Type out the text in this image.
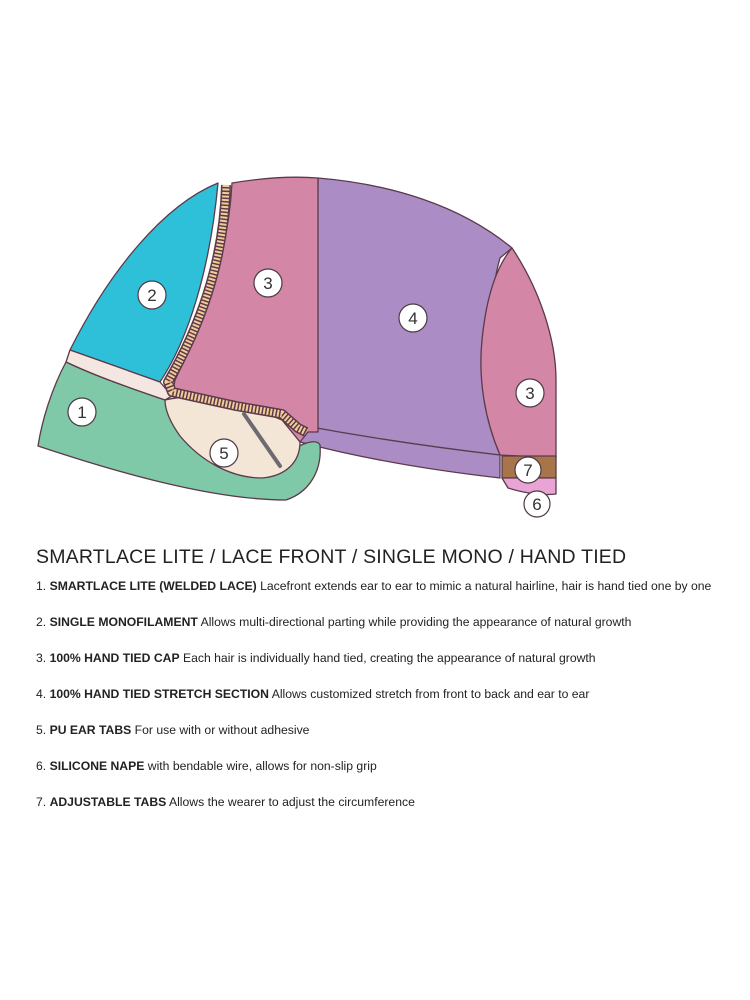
1
2
3
4
3
5
7
6
SMARTLACE LITE / LACE FRONT / SINGLE MONO / HAND TIED
1. SMARTLACE LITE (WELDED LACE) Lacefront extends ear to ear to mimic a natural hairline, hair is hand tied one by one
2. SINGLE MONOFILAMENT Allows multi-directional parting while providing the appearance of natural growth
3. 100% HAND TIED CAP Each hair is individually hand tied, creating the appearance of natural growth
4. 100% HAND TIED STRETCH SECTION Allows customized stretch from front to back and ear to ear
5. PU EAR TABS For use with or without adhesive
6. SILICONE NAPE with bendable wire, allows for non-slip grip
7. ADJUSTABLE TABS Allows the wearer to adjust the circumference
